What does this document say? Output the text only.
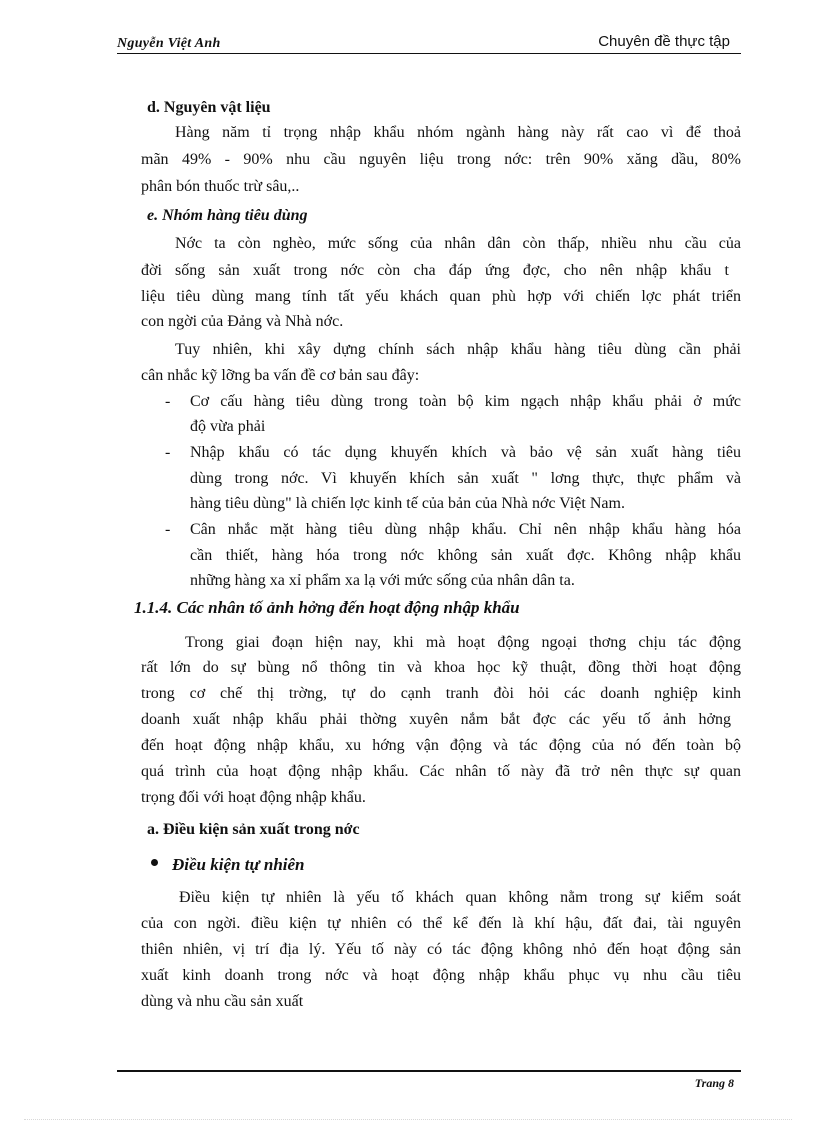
Nguyễn Việt Anh	Chuyên đề thực tập
d. Nguyên vật liệu
Hàng năm tỉ trọng nhập khẩu nhóm ngành hàng này rất cao vì để thoả
mãn 49% - 90% nhu cầu nguyên liệu trong nớc: trên 90% xăng dầu, 80%
phân bón thuốc trừ sâu,..
e. Nhóm hàng tiêu dùng
Nớc ta còn nghèo, mức sống của nhân dân còn thấp, nhiều nhu cầu của
đời sống sản xuất trong nớc còn cha đáp ứng đợc, cho nên nhập khẩu t
liệu tiêu dùng mang tính tất yếu khách quan phù hợp với chiến lợc phát triển
con ngời của Đảng và Nhà nớc.
Tuy nhiên, khi xây dựng chính sách nhập khẩu hàng tiêu dùng cần phải
cân nhắc kỹ lỡng ba vấn đề cơ bản sau đây:
- Cơ cấu hàng tiêu dùng trong toàn bộ kim ngạch nhập khẩu phải ở mức
độ vừa phải
- Nhập khẩu có tác dụng khuyến khích và bảo vệ sản xuất hàng tiêu
dùng trong nớc. Vì khuyến khích sản xuất " lơng thực, thực phẩm và
hàng tiêu dùng" là chiến lợc kinh tế của bản của Nhà nớc Việt Nam.
- Cân nhắc mặt hàng tiêu dùng nhập khẩu. Chỉ nên nhập khẩu hàng hóa
cần thiết, hàng hóa trong nớc không sản xuất đợc. Không nhập khẩu
những hàng xa xỉ phẩm xa lạ với mức sống của nhân dân ta.
1.1.4. Các nhân tố ảnh hởng đến hoạt động nhập khẩu
Trong giai đoạn hiện nay, khi mà hoạt động ngoại thơng chịu tác động
rất lớn do sự bùng nổ thông tin và khoa học kỹ thuật, đồng thời hoạt động
trong cơ chế thị trờng, tự do cạnh tranh đòi hỏi các doanh nghiệp kinh
doanh xuất nhập khẩu phải thờng xuyên nắm bắt đợc các yếu tố ảnh hởng
đến hoạt động nhập khẩu, xu hớng vận động và tác động của nó đến toàn bộ
quá trình của hoạt động nhập khẩu. Các nhân tố này đã trở nên thực sự quan
trọng đối với hoạt động nhập khẩu.
a. Điều kiện sản xuất trong nớc
Điều kiện tự nhiên
Điều kiện tự nhiên là yếu tố khách quan không nằm trong sự kiểm soát
của con ngời. điều kiện tự nhiên có thể kể đến là khí hậu, đất đai, tài nguyên
thiên nhiên, vị trí địa lý. Yếu tố này có tác động không nhỏ đến hoạt động sản
xuất kinh doanh trong nớc và hoạt động nhập khẩu phục vụ nhu cầu tiêu
dùng và nhu cầu sản xuất
Trang 8
